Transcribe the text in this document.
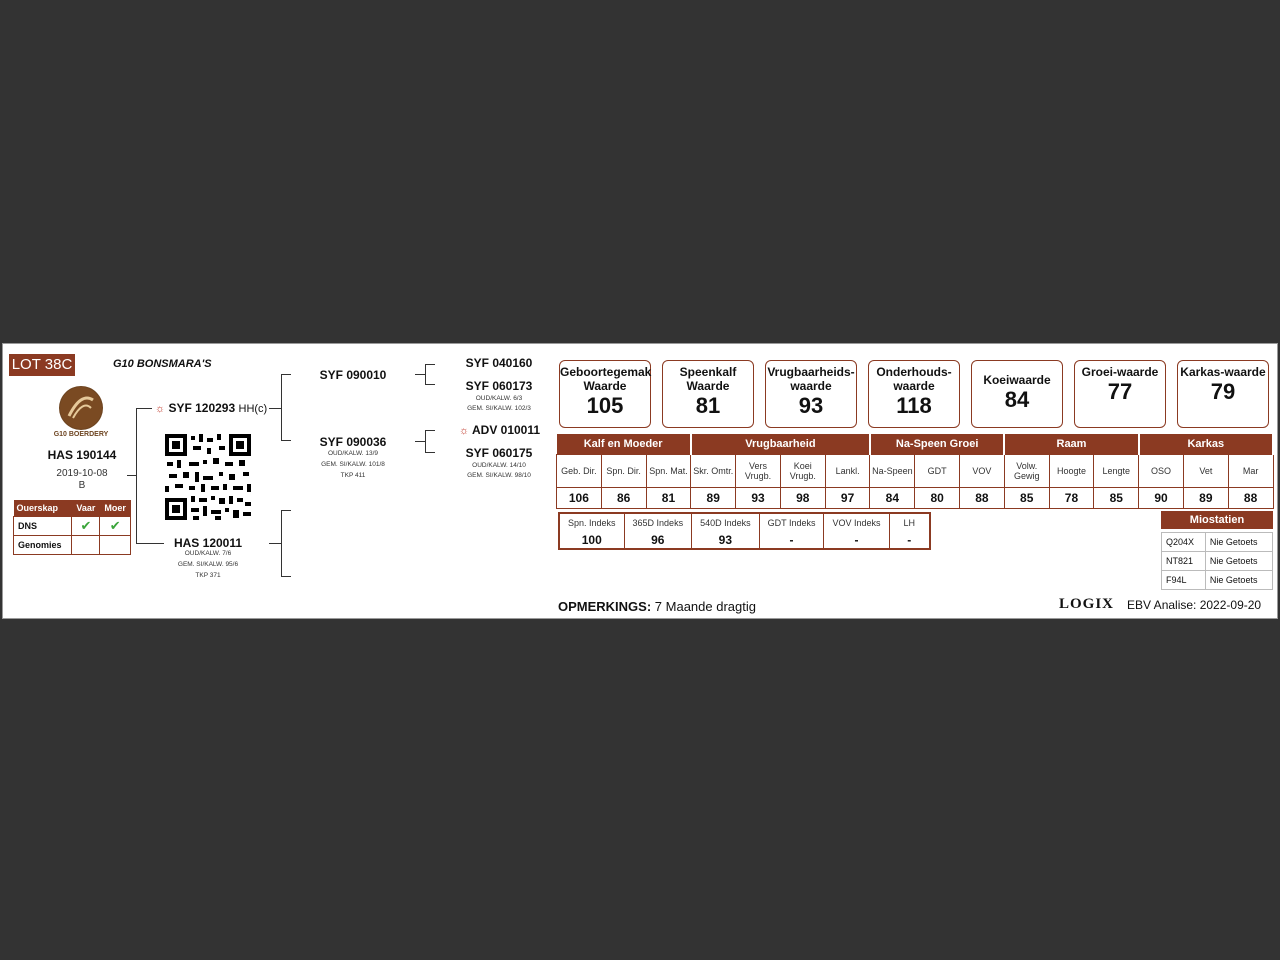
LOT 38C	G10 BONSMARA'S
G10 BOERDERY
HAS 190144
2019-10-08
B
Ouerskap	Vaar	Moer
DNS	✔	✔
Genomies		
☼ SYF 120293 HH(c)
HAS 120011
OUD/KALW. 7/6
GEM. SI/KALW. 95/6
TKP 371
SYF 090010
SYF 090036
OUD/KALW. 13/9
GEM. SI/KALW. 101/8
TKP 411
SYF 040160
SYF 060173
OUD/KALW. 6/3
GEM. SI/KALW. 102/3
☼ ADV 010011
SYF 060175
OUD/KALW. 14/10
GEM. SI/KALW. 98/10
Geboortegemak Waarde
105
Speenkalf Waarde
81
Vrugbaarheids-waarde
93
Onderhouds-waarde
118
Koeiwaarde
84
Groei-waarde
77
Karkas-waarde
79
Kalf en Moeder			Vrugbaarheid				Na-Speen Groei			Raam			Karkas		
Geb. Dir.	Spn. Dir.	Spn. Mat.	Skr. Omtr.	Vers Vrugb.	Koei Vrugb.	Lankl.	Na-Speen	GDT	VOV	Volw. Gewig	Hoogte	Lengte	OSO	Vet	Mar
106	86	81	89	93	98	97	84	80	88	85	78	85	90	89	88
Spn. Indeks	365D Indeks	540D Indeks	GDT Indeks	VOV Indeks	LH
100	96	93	-	-	-
Miostatien
Q204X	Nie Getoets
NT821	Nie Getoets
F94L	Nie Getoets
OPMERKINGS: 7 Maande dragtig	LOGIX EBV Analise: 2022-09-20
